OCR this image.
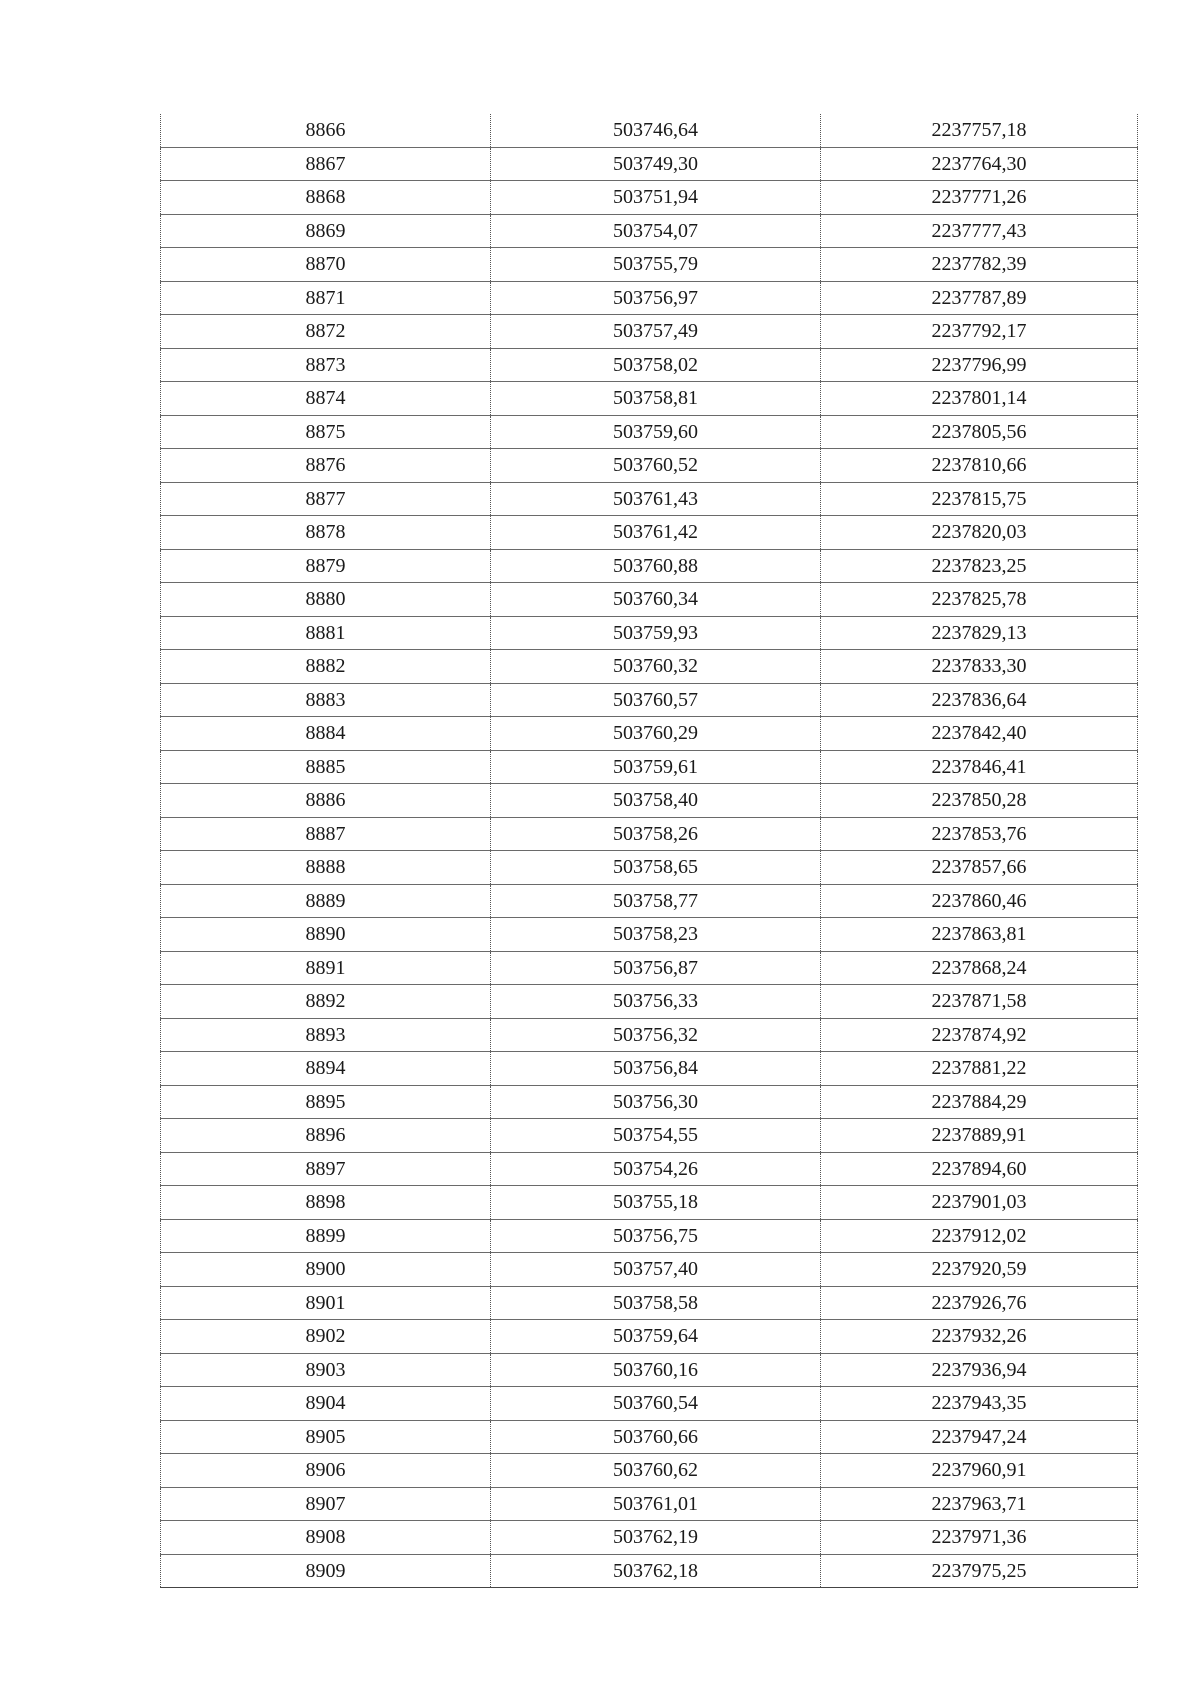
8866	503746,64	2237757,18
8867	503749,30	2237764,30
8868	503751,94	2237771,26
8869	503754,07	2237777,43
8870	503755,79	2237782,39
8871	503756,97	2237787,89
8872	503757,49	2237792,17
8873	503758,02	2237796,99
8874	503758,81	2237801,14
8875	503759,60	2237805,56
8876	503760,52	2237810,66
8877	503761,43	2237815,75
8878	503761,42	2237820,03
8879	503760,88	2237823,25
8880	503760,34	2237825,78
8881	503759,93	2237829,13
8882	503760,32	2237833,30
8883	503760,57	2237836,64
8884	503760,29	2237842,40
8885	503759,61	2237846,41
8886	503758,40	2237850,28
8887	503758,26	2237853,76
8888	503758,65	2237857,66
8889	503758,77	2237860,46
8890	503758,23	2237863,81
8891	503756,87	2237868,24
8892	503756,33	2237871,58
8893	503756,32	2237874,92
8894	503756,84	2237881,22
8895	503756,30	2237884,29
8896	503754,55	2237889,91
8897	503754,26	2237894,60
8898	503755,18	2237901,03
8899	503756,75	2237912,02
8900	503757,40	2237920,59
8901	503758,58	2237926,76
8902	503759,64	2237932,26
8903	503760,16	2237936,94
8904	503760,54	2237943,35
8905	503760,66	2237947,24
8906	503760,62	2237960,91
8907	503761,01	2237963,71
8908	503762,19	2237971,36
8909	503762,18	2237975,25
